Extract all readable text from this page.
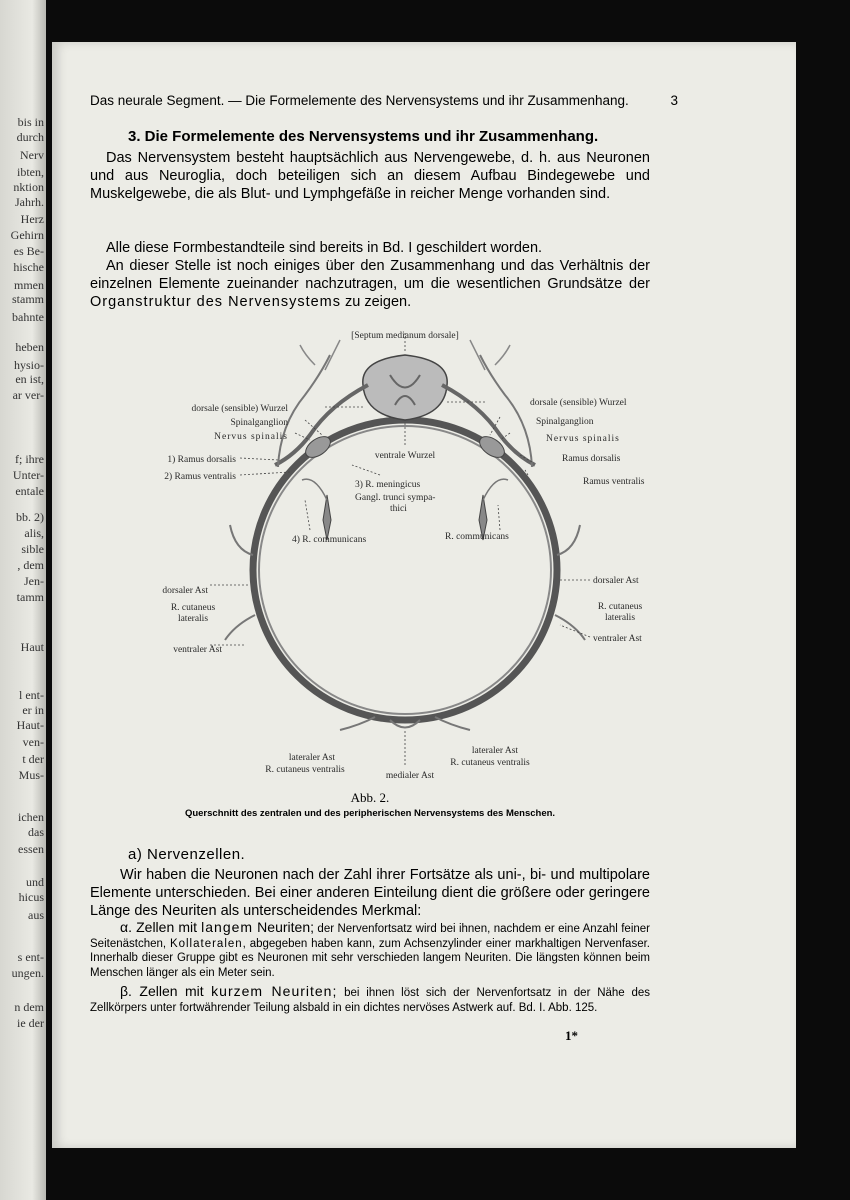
bis in
durch
Nerv
ibten,
nktion
Jahrh.
Herz
Gehirn
es Be-
hische
mmen
stamm
bahnte
heben
hysio-
en ist,
ar ver-
f; ihre
Unter-
entale
bb. 2)
alis,
sible
, dem
Jen-
tamm
Haut
l ent-
er in
Haut-
ven-
t der
Mus-
ichen
das
essen
und
hicus
aus
s ent-
ungen.
n dem
ie der
Das neurale Segment. — Die Formelemente des Nervensystems und ihr Zusammenhang.	3
3. Die Formelemente des Nervensystems und ihr Zusammenhang.
Das Nervensystem besteht hauptsächlich aus Nervengewebe, d. h. aus Neuronen und aus Neuroglia, doch beteiligen sich an diesem Aufbau Bindegewebe und Muskelgewebe, die als Blut- und Lymphgefäße in reicher Menge vorhanden sind.
Alle diese Formbestandteile sind bereits in Bd. I geschildert worden.
An dieser Stelle ist noch einiges über den Zusammenhang und das Verhältnis der einzelnen Elemente zueinander nachzutragen, um die wesentlichen Grundsätze der Organstruktur des Nervensystems zu zeigen.
[Septum medianum dorsale]
dorsale (sensible) Wurzel
Spinalganglion
Nervus spinalis
1) Ramus dorsalis
2) Ramus ventralis
ventrale Wurzel
3) R. meningicus
Gangl. trunci sympa-
thici
4) R. communicans	R. communicans
dorsale (sensible) Wurzel
Spinalganglion
Nervus spinalis
Ramus dorsalis
Ramus ventralis
dorsaler Ast
R. cutaneus
lateralis
ventraler Ast
dorsaler Ast
R. cutaneus
lateralis
ventraler Ast
lateraler Ast
R. cutaneus ventralis
medialer Ast
lateraler Ast
R. cutaneus ventralis
Abb. 2.
Querschnitt des zentralen und des peripherischen Nervensystems des Menschen.
a) Nervenzellen.
Wir haben die Neuronen nach der Zahl ihrer Fortsätze als uni-, bi- und multipolare Elemente unterschieden. Bei einer anderen Einteilung dient die größere oder geringere Länge des Neuriten als unterscheidendes Merkmal:
α. Zellen mit langem Neuriten; der Nervenfortsatz wird bei ihnen, nachdem er eine Anzahl feiner Seitenästchen, Kollateralen, abgegeben haben kann, zum Achsenzylinder einer markhaltigen Nervenfaser. Innerhalb dieser Gruppe gibt es Neuronen mit sehr verschieden langem Neuriten. Die längsten können beim Menschen länger als ein Meter sein.
β. Zellen mit kurzem Neuriten; bei ihnen löst sich der Nervenfortsatz in der Nähe des Zellkörpers unter fortwährender Teilung alsbald in ein dichtes nervöses Astwerk auf. Bd. I. Abb. 125.
1*
